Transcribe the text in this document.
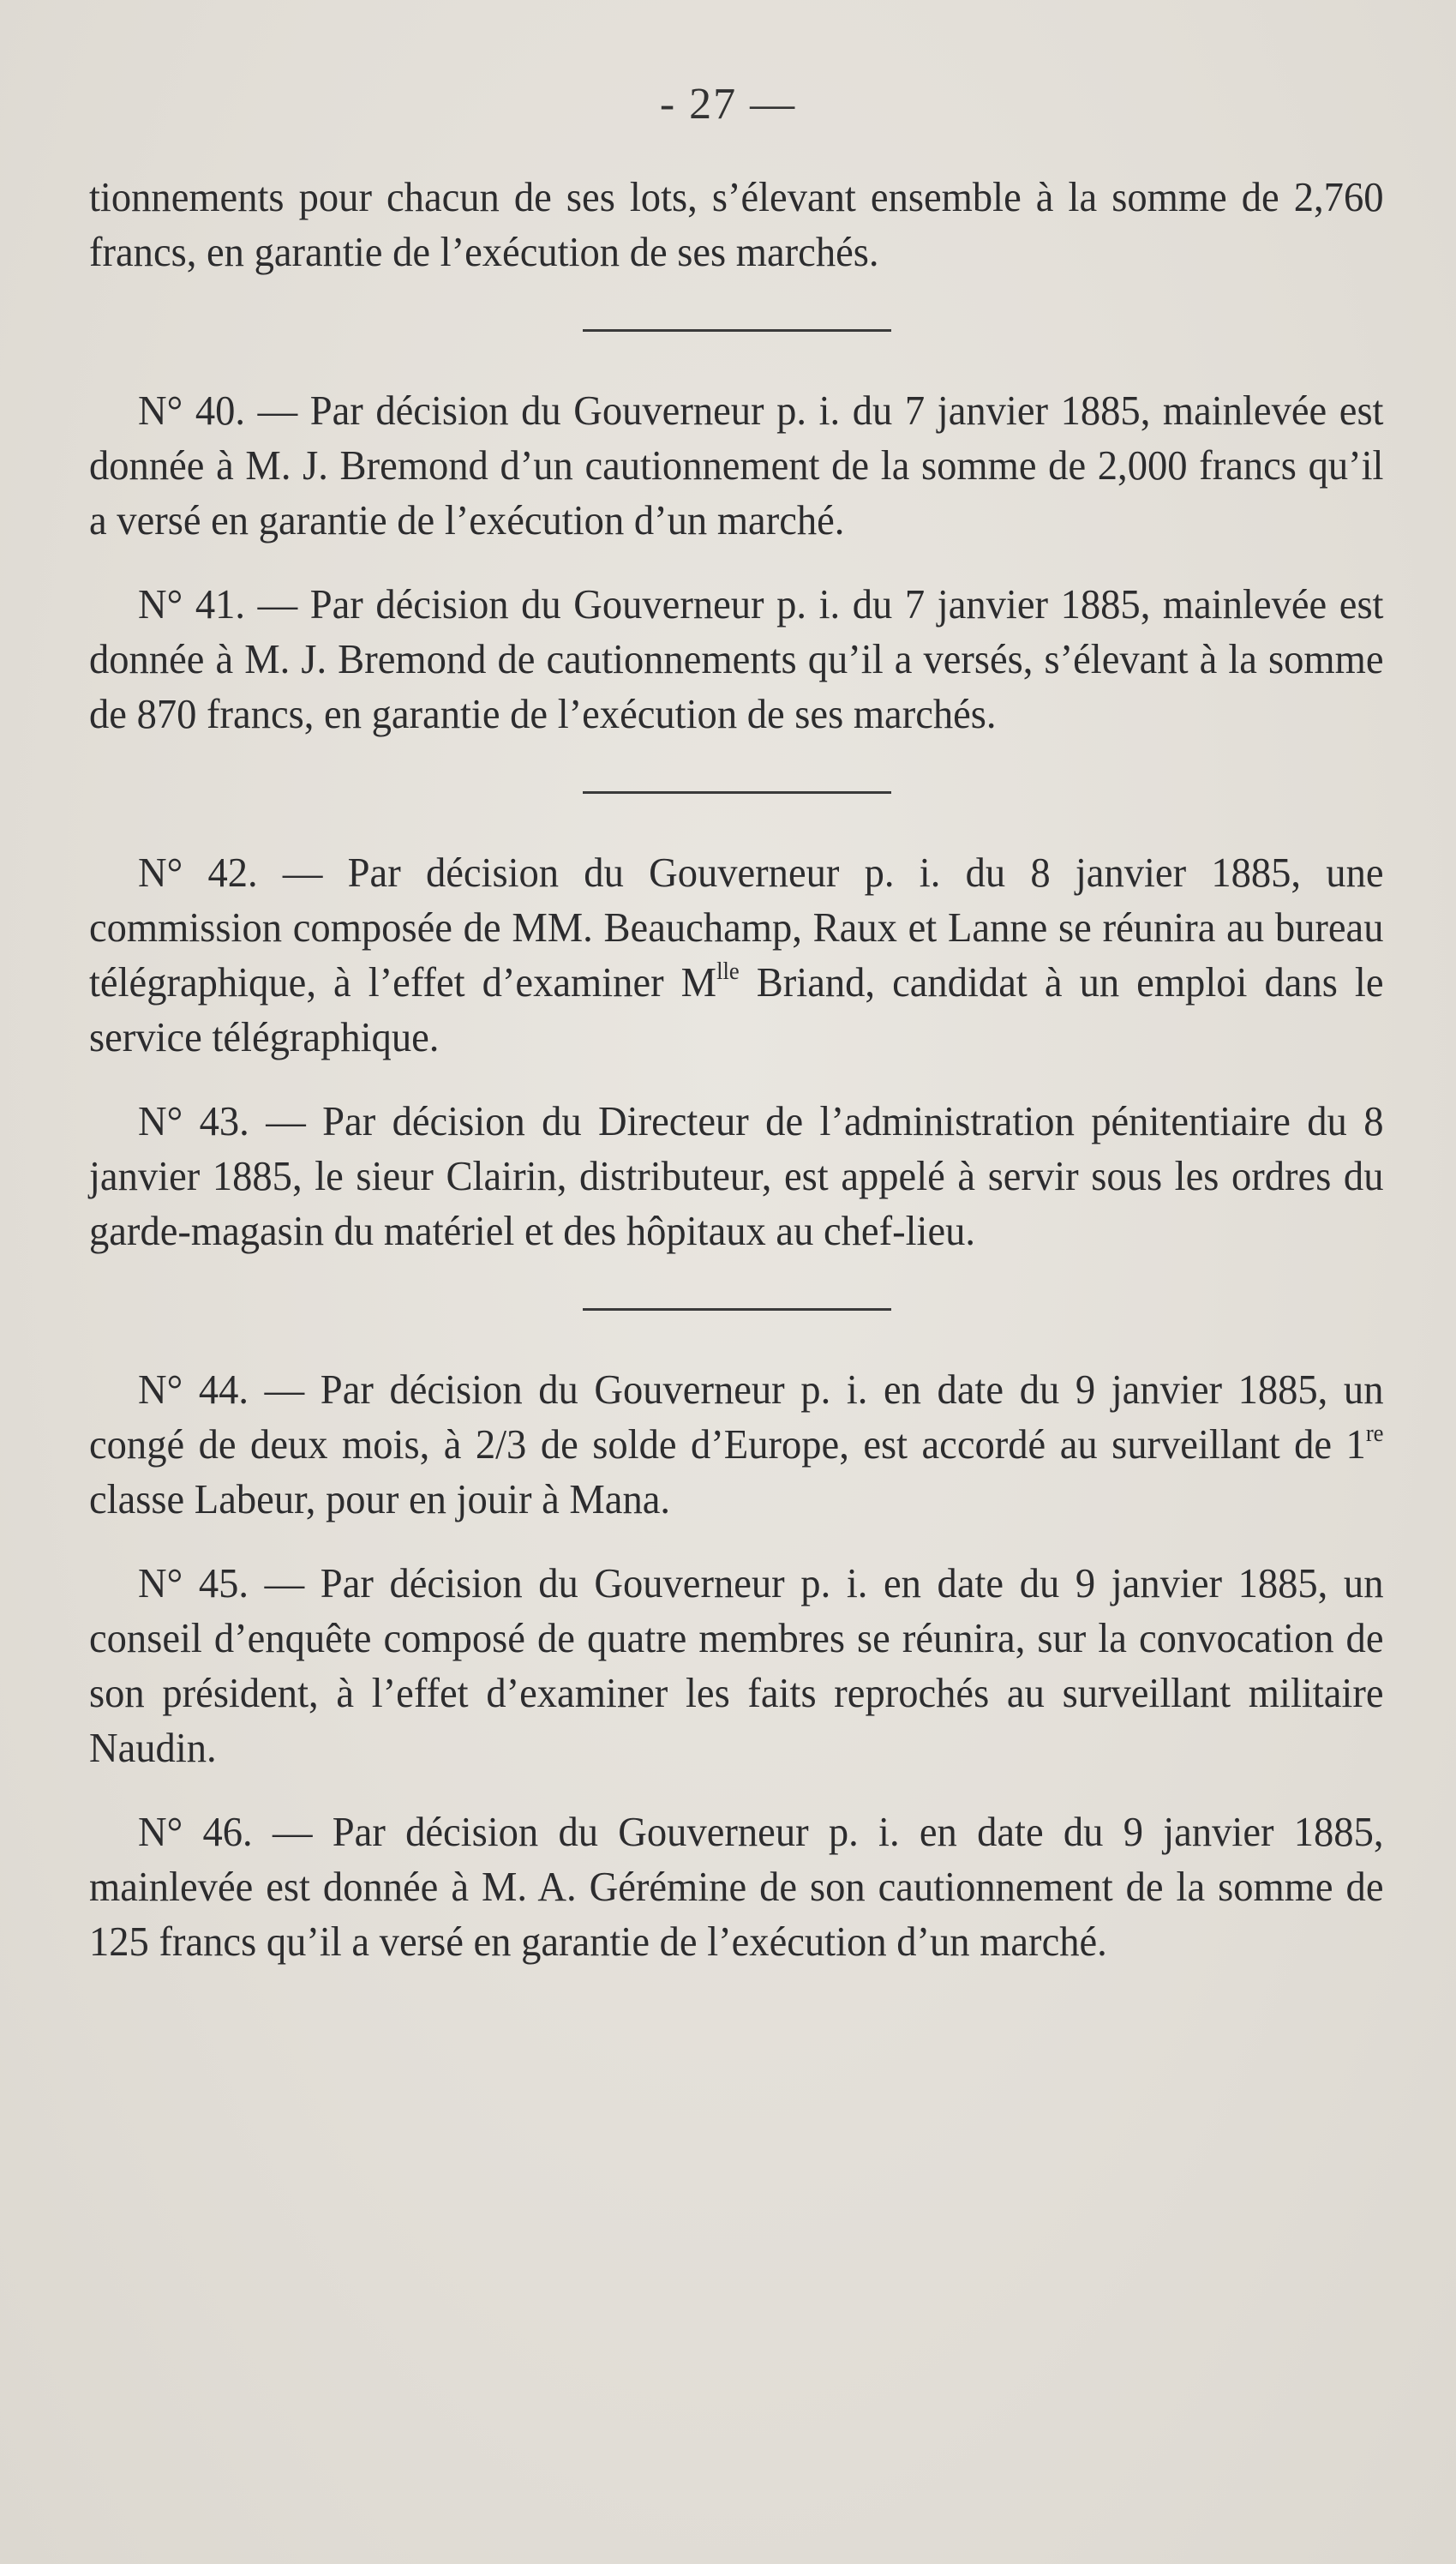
- 27 —

tionnements pour chacun de ses lots, s’élevant ensemble à la somme de 2,760 francs, en garantie de l’exécution de ses marchés.

N° 40. — Par décision du Gouverneur p. i. du 7 janvier 1885, mainlevée est donnée à M. J. Bremond d’un cautionnement de la somme de 2,000 francs qu’il a versé en garantie de l’exécution d’un marché.

N° 41. — Par décision du Gouverneur p. i. du 7 janvier 1885, mainlevée est donnée à M. J. Bremond de cautionnements qu’il a versés, s’élevant à la somme de 870 francs, en garantie de l’exécution de ses marchés.

N° 42. — Par décision du Gouverneur p. i. du 8 janvier 1885, une commission composée de MM. Beauchamp, Raux et Lanne se réunira au bureau télégraphique, à l’effet d’examiner $M^{lle}$ Briand, candidat à un emploi dans le service télégraphique.

N° 43. — Par décision du Directeur de l’administration pénitentiaire du 8 janvier 1885, le sieur Clairin, distributeur, est appelé à servir sous les ordres du garde-magasin du matériel et des hôpitaux au chef-lieu.

N° 44. — Par décision du Gouverneur p. i. en date du 9 janvier 1885, un congé de deux mois, à 2/3 de solde d’Europe, est accordé au surveillant de 1re classe Labeur, pour en jouir à Mana.

N° 45. — Par décision du Gouverneur p. i. en date du 9 janvier 1885, un conseil d’enquête composé de quatre membres se réunira, sur la convocation de son président, à l’effet d’examiner les faits reprochés au surveillant militaire Naudin.

N° 46. — Par décision du Gouverneur p. i. en date du 9 janvier 1885, mainlevée est donnée à M. A. Gérémine de son cautionnement de la somme de 125 francs qu’il a versé en garantie de l’exécution d’un marché.
